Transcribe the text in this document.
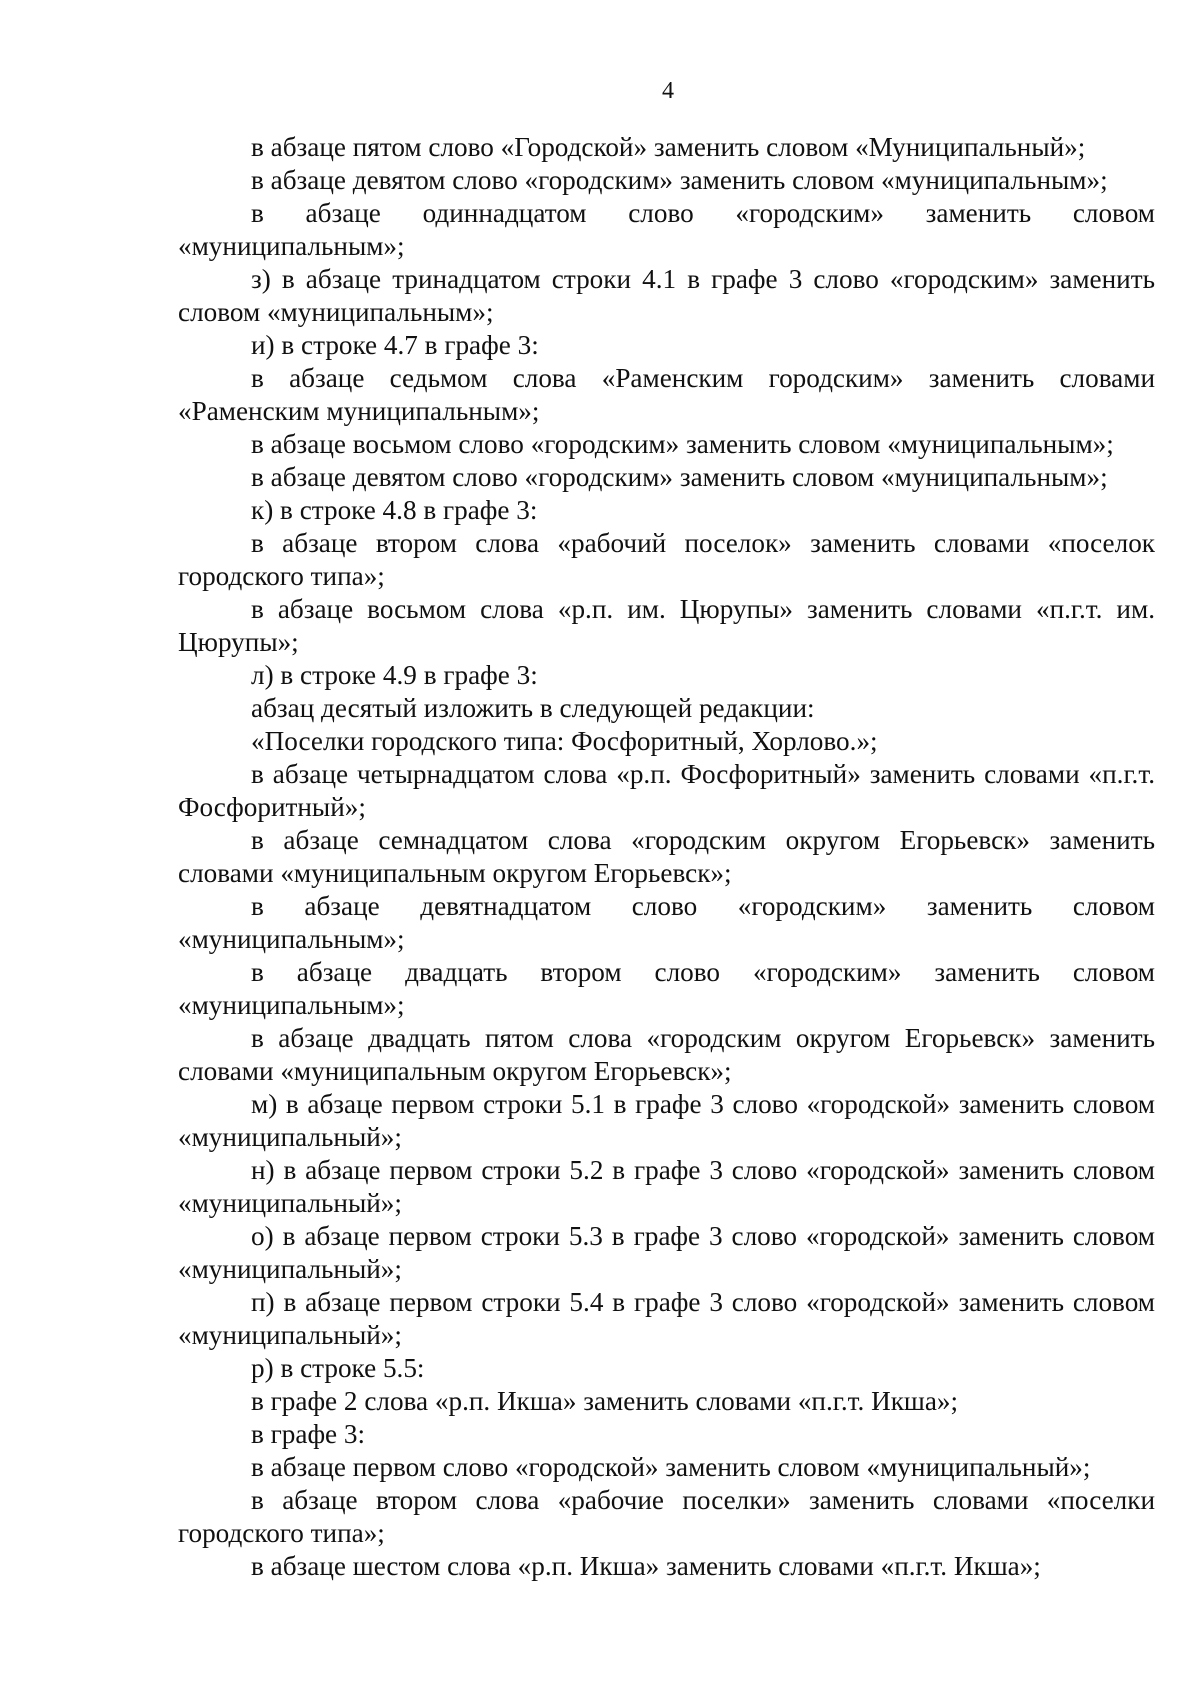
4

в абзаце пятом слово «Городской» заменить словом «Муниципальный»;

в абзаце девятом слово «городским» заменить словом «муниципальным»;

в абзаце одиннадцатом слово «городским» заменить словом «муниципальным»;

з) в абзаце тринадцатом строки 4.1 в графе 3 слово «городским» заменить словом «муниципальным»;

и) в строке 4.7 в графе 3:

в абзаце седьмом слова «Раменским городским» заменить словами «Раменским муниципальным»;

в абзаце восьмом слово «городским» заменить словом «муниципальным»;

в абзаце девятом слово «городским» заменить словом «муниципальным»;

к) в строке 4.8 в графе 3:

в абзаце втором слова «рабочий поселок» заменить словами «поселок городского типа»;

в абзаце восьмом слова «р.п. им. Цюрупы» заменить словами «п.г.т. им. Цюрупы»;

л) в строке 4.9 в графе 3:

абзац десятый изложить в следующей редакции:

«Поселки городского типа: Фосфоритный, Хорлово.»;

в абзаце четырнадцатом слова «р.п. Фосфоритный» заменить словами «п.г.т. Фосфоритный»;

в абзаце семнадцатом слова «городским округом Егорьевск» заменить словами «муниципальным округом Егорьевск»;

в абзаце девятнадцатом слово «городским» заменить словом «муниципальным»;

в абзаце двадцать втором слово «городским» заменить словом «муниципальным»;

в абзаце двадцать пятом слова «городским округом Егорьевск» заменить словами «муниципальным округом Егорьевск»;

м) в абзаце первом строки 5.1 в графе 3 слово «городской» заменить словом «муниципальный»;

н) в абзаце первом строки 5.2 в графе 3 слово «городской» заменить словом «муниципальный»;

о) в абзаце первом строки 5.3 в графе 3 слово «городской» заменить словом «муниципальный»;

п) в абзаце первом строки 5.4 в графе 3 слово «городской» заменить словом «муниципальный»;

р) в строке 5.5:

в графе 2 слова «р.п. Икша» заменить словами «п.г.т. Икша»;

в графе 3:

в абзаце первом слово «городской» заменить словом «муниципальный»;

в абзаце втором слова «рабочие поселки» заменить словами «поселки городского типа»;

в абзаце шестом слова «р.п. Икша» заменить словами «п.г.т. Икша»;
